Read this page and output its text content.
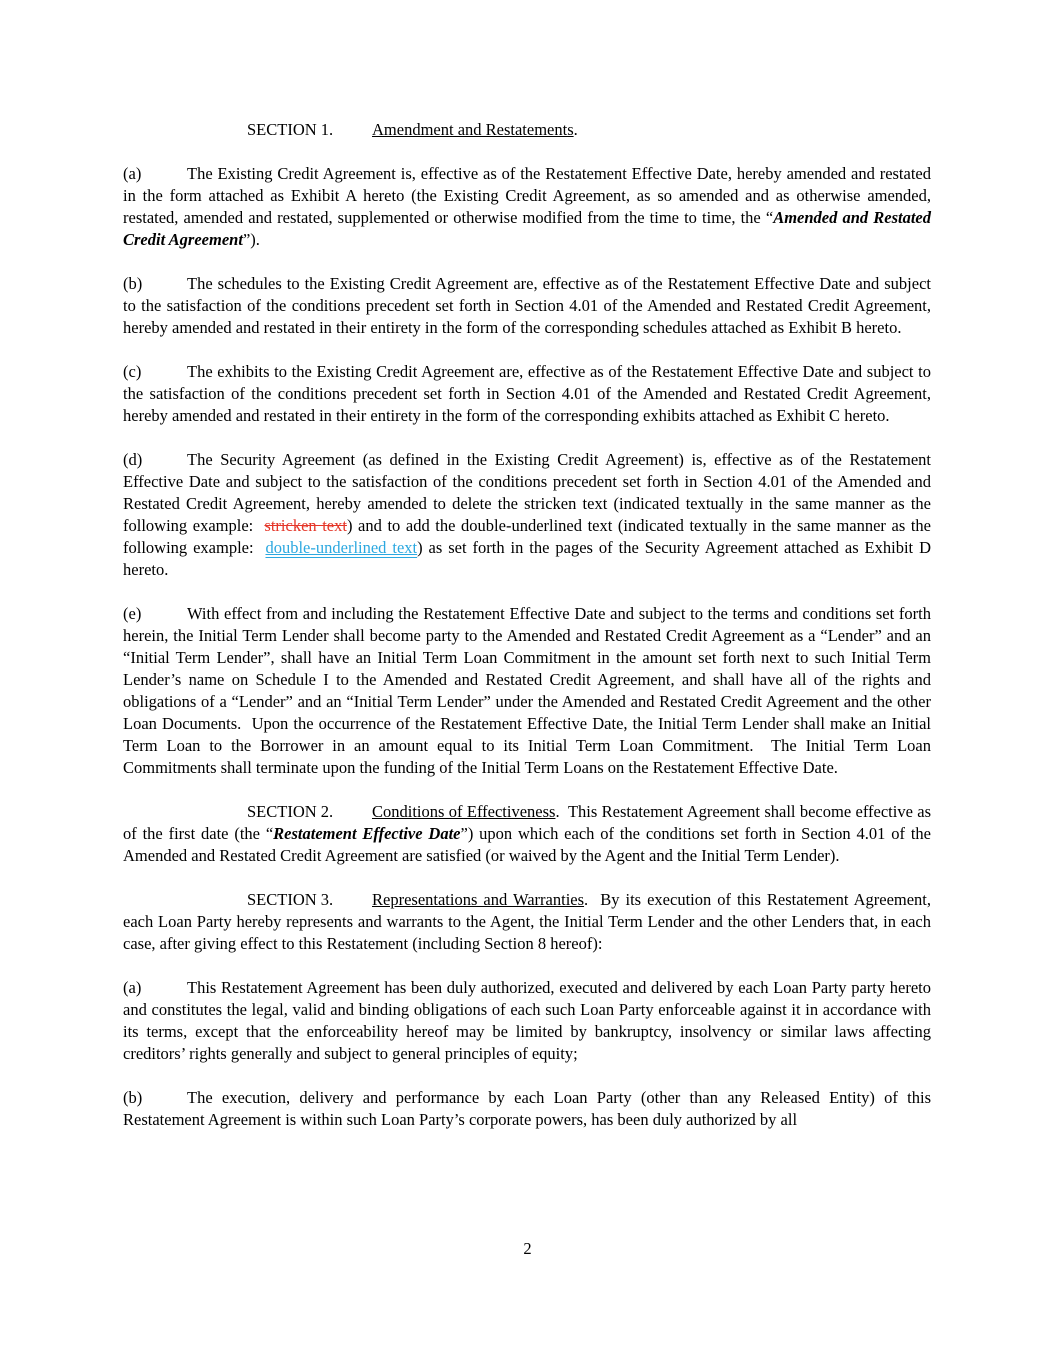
SECTION 1. Amendment and Restatements.

(a)	The Existing Credit Agreement is, effective as of the Restatement Effective Date, hereby amended and restated in the form attached as Exhibit A hereto (the Existing Credit Agreement, as so amended and as otherwise amended, restated, amended and restated, supplemented or otherwise modified from the time to time, the “Amended and Restated Credit Agreement”).

(b)	The schedules to the Existing Credit Agreement are, effective as of the Restatement Effective Date and subject to the satisfaction of the conditions precedent set forth in Section 4.01 of the Amended and Restated Credit Agreement, hereby amended and restated in their entirety in the form of the corresponding schedules attached as Exhibit B hereto.

(c)	The exhibits to the Existing Credit Agreement are, effective as of the Restatement Effective Date and subject to the satisfaction of the conditions precedent set forth in Section 4.01 of the Amended and Restated Credit Agreement, hereby amended and restated in their entirety in the form of the corresponding exhibits attached as Exhibit C hereto.

(d)	The Security Agreement (as defined in the Existing Credit Agreement) is, effective as of the Restatement Effective Date and subject to the satisfaction of the conditions precedent set forth in Section 4.01 of the Amended and Restated Credit Agreement, hereby amended to delete the stricken text (indicated textually in the same manner as the following example:  stricken text) and to add the double-underlined text (indicated textually in the same manner as the following example:  double-underlined text) as set forth in the pages of the Security Agreement attached as Exhibit D hereto.

(e)	With effect from and including the Restatement Effective Date and subject to the terms and conditions set forth herein, the Initial Term Lender shall become party to the Amended and Restated Credit Agreement as a “Lender” and an “Initial Term Lender”, shall have an Initial Term Loan Commitment in the amount set forth next to such Initial Term Lender’s name on Schedule I to the Amended and Restated Credit Agreement, and shall have all of the rights and obligations of a “Lender” and an “Initial Term Lender” under the Amended and Restated Credit Agreement and the other Loan Documents.  Upon the occurrence of the Restatement Effective Date, the Initial Term Lender shall make an Initial Term Loan to the Borrower in an amount equal to its Initial Term Loan Commitment.  The Initial Term Loan Commitments shall terminate upon the funding of the Initial Term Loans on the Restatement Effective Date.

SECTION 2. Conditions of Effectiveness.  This Restatement Agreement shall become effective as of the first date (the “Restatement Effective Date”) upon which each of the conditions set forth in Section 4.01 of the Amended and Restated Credit Agreement are satisfied (or waived by the Agent and the Initial Term Lender).

SECTION 3. Representations and Warranties.  By its execution of this Restatement Agreement, each Loan Party hereby represents and warrants to the Agent, the Initial Term Lender and the other Lenders that, in each case, after giving effect to this Restatement (including Section 8 hereof):

(a)	This Restatement Agreement has been duly authorized, executed and delivered by each Loan Party party hereto and constitutes the legal, valid and binding obligations of each such Loan Party enforceable against it in accordance with its terms, except that the enforceability hereof may be limited by bankruptcy, insolvency or similar laws affecting creditors’ rights generally and subject to general principles of equity;

(b)	The execution, delivery and performance by each Loan Party (other than any Released Entity) of this Restatement Agreement is within such Loan Party’s corporate powers, has been duly authorized by all

2
